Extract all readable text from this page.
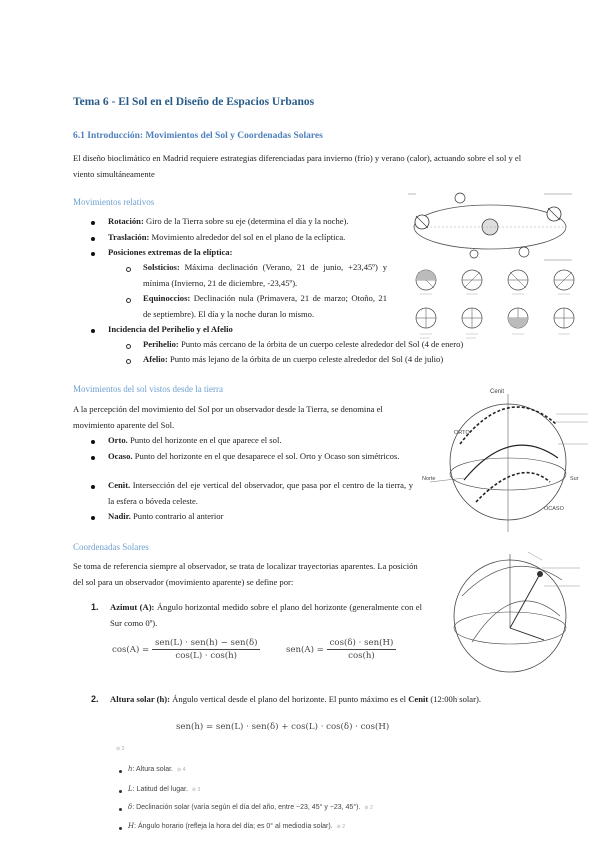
Tema 6 - El Sol en el Diseño de Espacios Urbanos
6.1 Introducción: Movimientos del Sol y Coordenadas Solares
El diseño bioclimático en Madrid requiere estrategias diferenciadas para invierno (frío) y verano (calor), actuando sobre el sol y el viento simultáneamente
Movimientos relativos
Rotación: Giro de la Tierra sobre su eje (determina el día y la noche).
Traslación: Movimiento alrededor del sol en el plano de la eclíptica.
Posiciones extremas de la elíptica:
Solsticios: Máxima declinación (Verano, 21 de junio, +23,45º) y mínima (Invierno, 21 de diciembre, -23,45º).
Equinoccios: Declinación nula (Primavera, 21 de marzo; Otoño, 21 de septiembre). El día y la noche duran lo mismo.
Incidencia del Perihelio y el Afelio
Perihelio: Punto más cercano de la órbita de un cuerpo celeste alrededor del Sol (4 de enero)
Afelio: Punto más lejano de la órbita de un cuerpo celeste alrededor del Sol (4 de julio)
Movimientos del sol vistos desde la tierra
A la percepción del movimiento del Sol por un observador desde la Tierra, se denomina el movimiento aparente del Sol.
Orto. Punto del horizonte en el que aparece el sol.
Ocaso. Punto del horizonte en el que desaparece el sol. Orto y Ocaso son simétricos.
Cenit. Intersección del eje vertical del observador, que pasa por el centro de la tierra, y la esfera o bóveda celeste.
Nadir. Punto contrario al anterior
Cenit
ORTO
OCASO
Norte	Sur
Coordenadas Solares
Se toma de referencia siempre al observador, se trata de localizar trayectorias aparentes. La posición del sol para un observador (movimiento aparente) se define por:
1. Azimut (A): Ángulo horizontal medido sobre el plano del horizonte (generalmente con el Sur como 0º).
$\cos(A) = \frac{\text{sen(L) · sen(h) − sen(δ)}}{\cos(L) \cdot \cos(h)}$	$sen(A) = \frac{\text{cos(δ) · sen(H)}}{\cos(h)}$
2. Altura solar (h): Ángulo vertical desde el plano del horizonte. El punto máximo es el Cenit (12:00h solar).
sen(h) = sen(L) · sen(δ) + cos(L) · cos(δ) · cos(H)
⊘ 2
h: Altura solar. ⊘ 4
L: Latitud del lugar. ⊘ 3
δ: Declinación solar (varía según el día del año, entre −23, 45° y −23, 45°). ⊘ 2
H: Ángulo horario (refleja la hora del día; es 0° al mediodía solar). ⊘ 2
